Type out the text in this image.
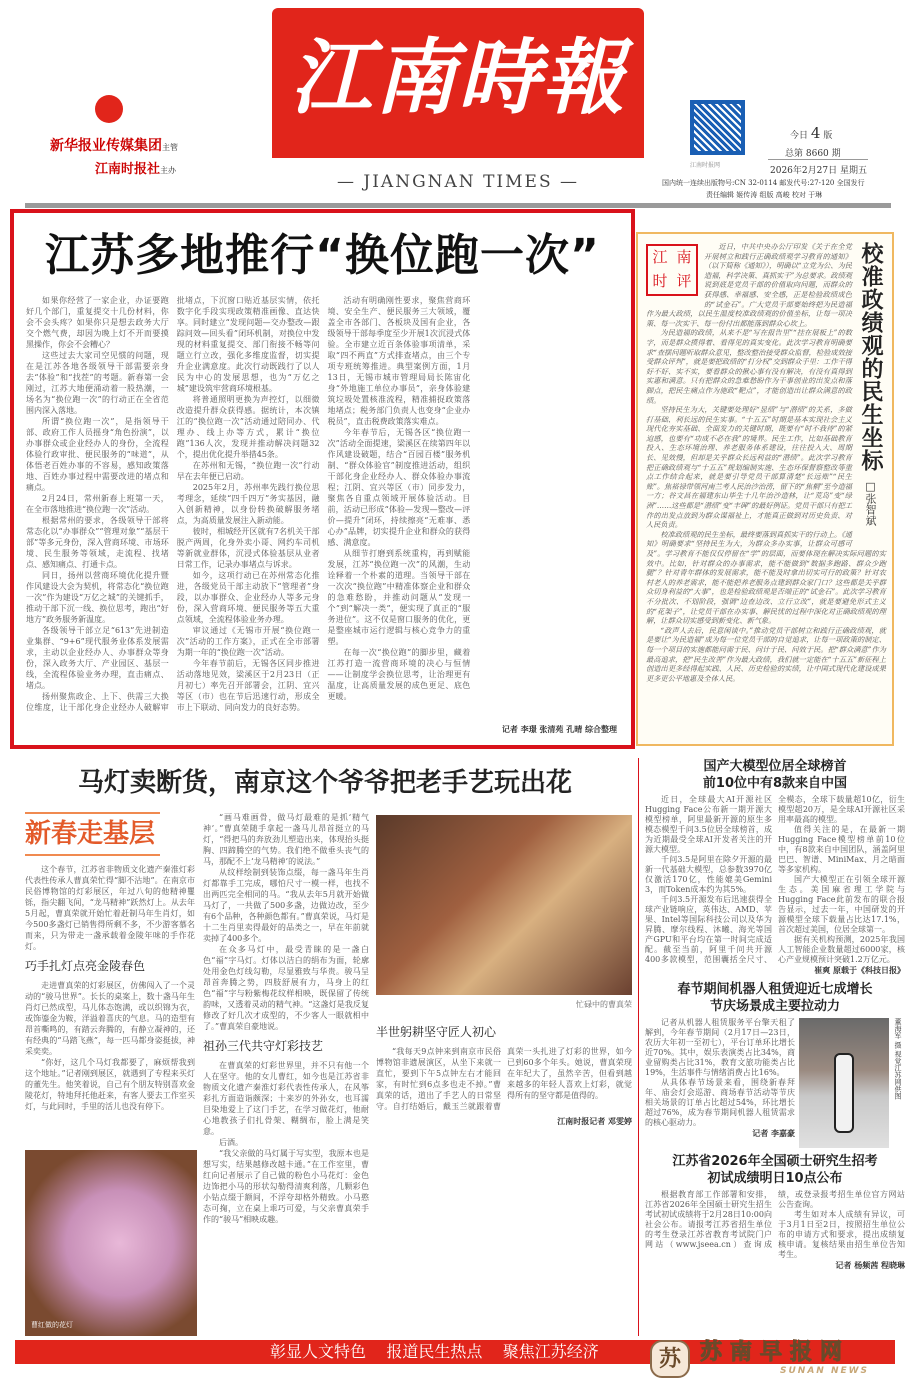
新华报业传媒集团主管
江南时报社主办
江南時報
— JIANGNAN TIMES —
江南时报网
今日 4 版
总第 8660 期
2026年2月27日 星期五
国内统一连续出版物号:CN 32-0114 邮发代号:27-120 全国发行
责任编辑 姬传涛 组版 高峻 校对 于琳
江苏多地推行“换位跑一次”

如果你经营了一家企业，办证要跑好几个部门，重复提交十几份材料，你会不会头疼？如果你只是想去政务大厅交个燃气费，却因为晚上灯不开而要摸黑操作，你会不会糟心？

这些过去大家司空见惯的问题，现在是江苏各地各级领导干部需要亲身去“体验”和“找茬”的考题。新春第一会刚过，江苏大地便涌动着一股热潮，一场名为“换位跑一次”的行动正在全省范围内深入落地。

所谓“换位跑一次”，是指领导干部、政府工作人员摇身“角色扮演”，以办事群众或企业经办人的身份，全流程体验行政审批、便民服务的“味道”，从体悟老百姓办事的不容易，感知政策落地、百姓办事过程中需要改进的堵点和痛点。

2月24日，常州新春上班第一天，在全市落地推进“换位跑一次”活动。

根据常州的要求，各级领导干部将常态化以“办事群众”“管理对象”“基层干部”等多元身份，深入营商环境、市场环境、民生服务等领域，走流程、找堵点、感知痛点、打通卡点。

同日，扬州以营商环境优化提升暨作风建设大会为契机，将常态化“换位跑一次”作为建设“万亿之城”的关键抓手，推动干部下沉一线、换位思考，跑出“好地方”政务服务新温度。

各级领导干部立足“613”先进制造业集群、“9+6”现代服务业体系发展需求，主动以企业经办人、办事群众等身份，深入政务大厅、产业园区、基层一线，全流程体验业务办理，直击痛点、堵点。

扬州聚焦政企、上下、供需三大换位维度，让干部化身企业经办人破解审批堵点，下沉窗口贴近基层实情，依托数字化手段实现政策精准画像、直达快享。同时建立“发现问题—交办整改—跟踪问效—回头看”闭环机制，对换位中发现的材料重复提交、部门衔接不畅等问题立行立改，强化多维度监督，切实提升企业满意度。此次行动既践行了以人民为中心的发展思想，也为“万亿之城”建设筑牢营商环境根基。

将普通照明更换为声控灯，以细微改造提升群众获得感。据统计，本次镇江的“换位跑一次”活动通过陪同办、代理办、线上办等方式，累计“换位跑”136人次，发现并推动解决问题32个，提出优化提升举措45条。

在苏州和无锡，“换位跑一次”行动早在去年便已启动。

2025年2月，苏州率先践行换位思考理念，延续“四千四万”务实基因，融入创新精神，以身份转换破解服务堵点，为高质量发展注入新动能。

彼时，相城经开区就有7名机关干部脱产两周，化身外卖小哥、网约车司机等新就业群体，沉浸式体验基层从业者日常工作，记录办事堵点与诉求。

如今，这项行动已在苏州常态化推进，各级党员干部主动放下“管理者”身段，以办事群众、企业经办人等多元身份，深入营商环境、便民服务等五大重点领域，全流程体验业务办理。

审议通过《无锡市开展“换位跑一次”活动的工作方案》，正式在全市部署为期一年的“换位跑一次”活动。

今年春节前后，无锡各区同步推进活动落地见效，梁溪区于2月23日（正月初七）率先召开部署会，江阴、宜兴等区（市）也在节后迅速行动，形成全市上下联动、同向发力的良好态势。

活动有明确刚性要求，聚焦营商环境、安全生产、便民服务三大领域，覆盖全市各部门、各板块及国有企业，各级领导干部每季度至少开展1次沉浸式体验。全市建立近百条体验事项清单，采取“四不两直”方式排查堵点，由三个专项专班统筹推进。典型案例方面，1月13日，无锡市城市管理局局长陈宙化身“外地施工单位办事员”，亲身体验建筑垃圾处置核准流程，精准捕捉政策落地堵点；税务部门负责人也变身“企业办税员”，直击税费政策落实难点。

今年春节后，无锡各区“换位跑一次”活动全面提速，梁溪区在续第四年以作风建设破题，结合“百园百楼”服务机制、“群众体验官”制度推进活动，组织干部化身企业经办人、群众体验办事流程；江阴、宜兴等区（市）同步发力，聚焦各自重点领域开展体验活动。目前，活动已形成“体验—发现—整改—评价—提升”闭环，持续擦亮“无难事、悉心办”品牌，切实提升企业和群众的获得感、满意度。

从细节打磨到系统重构，再到赋能发展，江苏“换位跑一次”的风潮，生动诠释着一个朴素的道理。当领导干部在一次次“换位跑”中精准体察企业和群众的急难愁盼，并推动问题从“发现一个”到“解决一类”，便实现了真正的“服务进位”。这不仅是窗口服务的优化，更是整座城市运行逻辑与核心竞争力的重塑。

在每一次“换位跑”的脚步里，藏着江苏打造一流营商环境的决心与恒情——让制度学会换位思考，让治理更有温度，让高质量发展的成色更足、底色更暖。

记者 李璟 张清苑 孔晴 综合整理
校准政绩观的民生坐标
□张智斌
江 南
时 评

近日，中共中央办公厅印发《关于在全党开展树立和践行正确政绩观学习教育的通知》（以下简称《通知》），明确以“立党为公、为民造福，科学决策、真抓实干”为总要求。政绩观说到底是党员干部的价值取向问题，而群众的获得感、幸福感、安全感，正是检验政绩成色的“试金石”。广大党员干部要始终把为民造福作为最大政绩，以民生温度校准政绩观的价值坐标，让每一项决策、每一次实干、每一份付出都能落到群众心坎上。

为民造福的政绩，从来不是“写在报告里”“挂在展板上”的数字，而是群众摸得着、看得见的真实变化。此次学习教育明确要求“查摆问题听取群众意见，整改整治接受群众监督，检验成效接受群众评判”，就是要把政绩的“打分权”交到群众手里：工作干得好不好、实不实，要看群众的揪心事有没有解决，有没有真得到实惠和满意。只有把群众的急难愁盼作为干事创业的出发点和落脚点，把民生痛点作为施政“靶点”，才能创造出让群众满意的政绩。

坚持民生为大，关键要处理好“显绩”与“潜绩”的关系，多做打基础、利长远的民生实事。“十五五”时期是基本实现社会主义现代化夯实基础、全面发力的关键时期，既要有“时不我待”的紧迫感，也要有“功成不必在我”的境界。民生工作，比如基础教育投入、生态环境治理、养老服务体系建设，往往投入大、周期长、见效慢，但却是关乎群众长远利益的“潜绩”。此次学习教育把正确政绩观与“十五五”规划编制实施、生态环保督察整改等重点工作结合起来，就是要引导党员干部算清楚“长远账”“民生账”。焦裕禄带领河南兰考人民治沙治涝，留下的“焦桐”至今造福一方；谷文昌在福建东山毕生十几年治沙造林，让“荒岛”变“绿洲”……这些都是“潜绩”变“丰碑”的最好例证。党员干部只有把工作的出发点放到为群众谋福祉上，才能真正做到对历史负责、对人民负责。

校准政绩观的民生坐标，最终要落到真抓实干的行动上。《通知》明确要求“坚持民生为大，为群众多办实事，让群众可感可及”。学习教育不能仅仅停留在“学”的层面，而要体现在解决实际问题的实效中。比如，针对群众的办事需求，能不能做到“数据多跑路、群众少跑腿”？针对青年群体的发展需求，能不能及时拿出切实可行的政策？针对农村老人的养老需求，能不能把养老服务点建到群众家门口？这些都是关乎群众切身利益的“大事”，也是检验政绩观是否端正的“试金石”。此次学习教育不分批次、不划阶段，强调“边查边改、立行立改”，就是要避免形式主义的“花架子”，让党员干部在办实事、解民忧的过程中深化对正确政绩观的理解，让群众切实感受到新变化、新气象。

“政声人去后，民意闲谈中。”推动党员干部树立和践行正确政绩观，就是要让“为民造福”成为每一位党员干部的自觉追求，让每一项政策的制定、每一个项目的实施都能问需于民、问计于民、问效于民。把“群众满意”作为最高追求，把“民生改善”作为最大政绩，我们就一定能在“十五五”新征程上创造出更多经得起实践、人民、历史检验的实绩，让中国式现代化建设成果更多更公平地惠及全体人民。

马灯卖断货，南京这个爷爷把老手艺玩出花
新春走基层

这个春节，江苏省非物质文化遗产秦淮灯彩代表性传承人曹真荣忙得“脚不沾地”。在南京市民俗博物馆的灯彩展区，年过八旬的他精神矍铄，指尖翻飞间，“龙马精神”跃然灯上。从去年5月起，曹真荣就开始忙着赶制马年生肖灯，如今500多盏灯已销售得所剩不多，不少游客慕名而来，只为带走一盏承载着金陵年味的手作花灯。

巧手扎灯点亮金陵春色

走进曹真荣的灯彩展区，仿佛闯入了一个灵动的“骏马世界”。长长的桌案上，数十盏马年生肖灯已然成型，马儿体态饱满，或以织锦为衣，或饰鎏金为鞍，洋溢着喜庆的气息。马的造型有昂首嘶鸣的，有踏云奔腾的，有静立凝神的，还有经典的“马踏飞燕”，每一匹马都身姿挺拔，神采奕奕。

“你好，这几个马灯我都要了，麻烦帮我到这个地址。”记者刚到展区，就遇到了专程来买灯的董先生。他笑着说，自己有个朋友特别喜欢金陵花灯，特地拜托他赶来，有客人要去工作室买灯，与此同时，手里的活儿也没有停下。

曹红做的花灯

“画马难画骨，做马灯最难的是抓‘精气神’。”曹真荣随手拿起一盏马儿昂首挺立的马灯，“得把马的奔放劲儿塑造出来，体现抬头挺胸、四蹄腾空的气势。我们绝不做垂头丧气的马，那配不上‘龙马精神’的说法。”

从纹样绘制到装饰点缀，每一盏马年生肖灯都靠手工完成，哪怕尺寸一模一样，也找不出两匹完全相同的马。“我从去年5月就开始做马灯了，一共做了500多盏，边做边改，至少有6个品种，各种颜色都有。”曹真荣说，马灯是十二生肖里卖得最好的品类之一，早在年前就卖掉了400多个。

在众多马灯中，最受青睐的是一盏白色“福”字马灯。灯体以洁白的绢布为面，轮廓处用金色灯线勾勒，尽显雅致与华贵。骏马呈昂首奔腾之势，四肢舒展有力，马身上的红色“福”字与粉紫梅花纹样相映，既保留了传统韵味，又透着灵动的精气神。“这盏灯是我反复修改了好几次才成型的，不少客人一眼就相中了。”曹真荣自豪地说。

祖孙三代共守灯彩技艺

在曹真荣的灯彩世界里，并不只有他一个人在坚守。他的女儿曹红，如今也是江苏省非物质文化遗产秦淮灯彩代表性传承人，在风筝彩扎方面造诣颇深；十来岁的外孙女，也耳濡目染地爱上了这门手艺，在学习做花灯，他耐心地教孩子们扎骨架、糊绸布，脸上满是笑意。

后酒。

“我父亲做的马灯属于写实型，我原本也是想写实，结果越修改越卡通。”在工作室里，曹红向记者展示了自己做的粉色小马花灯：金色边饰把小马的形状勾勒得清爽利落，几颗彩色小钻点缀于额间，不浮夸却格外精致。小马憨态可掬，立在桌上乖巧可爱，与父亲曹真荣手作的“骏马”相映成趣。

忙碌中的曹真荣
半世躬耕坚守匠人初心

“我每天9点钟来到南京市民俗博物馆非遗展演区，从坐下来就一直忙，要到下午5点钟左右才能回家，有时忙到6点多也走不掉。”曹真荣的话，道出了手艺人的日常坚守。自打结婚后，戴玉兰就跟着曹真荣一头扎进了灯彩的世界，如今已到60多个年头。她说，曹真荣现在年纪大了，虽然辛苦，但看到越来越多的年轻人喜欢上灯彩，就觉得所有的坚守都是值得的。

江南时报记者 邓雯婷
国产大模型位居全球榜首
前10位中有8款来自中国

近日，全球最大AI开源社区Hugging Face公布新一期开源大模型榜单，阿里最新开源的原生多模态模型千问3.5位居全球榜首，成为近期最受全球AI开发者关注的开源大模型。

千问3.5是阿里在除夕开源的最新一代基础大模型，总参数3970亿仅激活170亿，性能媲美Gemini 3，而Token成本约为其5%。

千问3.5开源发布后迅速获得全球产业链响应，英伟达、AMD、苹果、Intel等国际科技公司以及华为昇腾、摩尔线程、沐曦、海光等国产GPU和平台均在第一时间完成适配。截至当前，阿里千问共开源400多款模型，范围囊括全尺寸、全模态，全球下载量超10亿，衍生模型超20万，是全球AI开源社区采用率最高的模型。

值得关注的是，在最新一期Hugging Face模型榜单前10位中，有8款来自中国团队，涵盖阿里巴巴、智谱、MiniMax、月之暗面等多家机构。

国产大模型正在引领全球开源生态。美国麻省理工学院与Hugging Face此前发布的联合报告显示，过去一年，中国研发的开源模型全球下载量占比达17.1%，首次超过美国，位居全球第一。

据有关机构预测，2025年我国人工智能企业数量超过6000家，核心产业规模预计突破1.2万亿元。

崔爽 原载于《科技日报》
春节期间机器人租赁迎近七成增长
节庆场景成主要拉动力

记者从机器人租赁服务平台擎天租了解到，今年春节期间（2月17日—23日，农历大年初一至初七），平台订单环比增长近70%。其中，娱乐表演类占比34%，商业留购类占比31%，教育文旅功能类占比19%，生活事件与情绪消费占比16%。

从具体春节场景来看，围绕新春拜年、庙会灯会巡游、商场春节活动等节庆相关场景的订单占比超过54%，环比增长超过76%，成为春节期间机器人租赁需求的核心驱动力。

记者 李嘉豪
董海军 摄 视觉江苏网供图
江苏省2026年全国硕士研究生招考
初试成绩明日10点公布

根据教育部工作部署和安排，江苏省2026年全国硕士研究生招生考试初试成绩将于2月28日10:00向社会公布。请报考江苏省招生单位的考生登录江苏省教育考试院门户网站（www.jseea.cn）查询成绩，或登录报考招生单位官方网站公告查询。

考生如对本人成绩有异议，可于3月1日至2日，按照招生单位公布的申请方式和要求，提出成绩复核申请。复核结果由招生单位告知考生。

记者 杨频茜 程晓琳
彰显人文特色 报道民生热点 聚焦江苏经济	苏 苏南早报网
SUNAN NEWS
